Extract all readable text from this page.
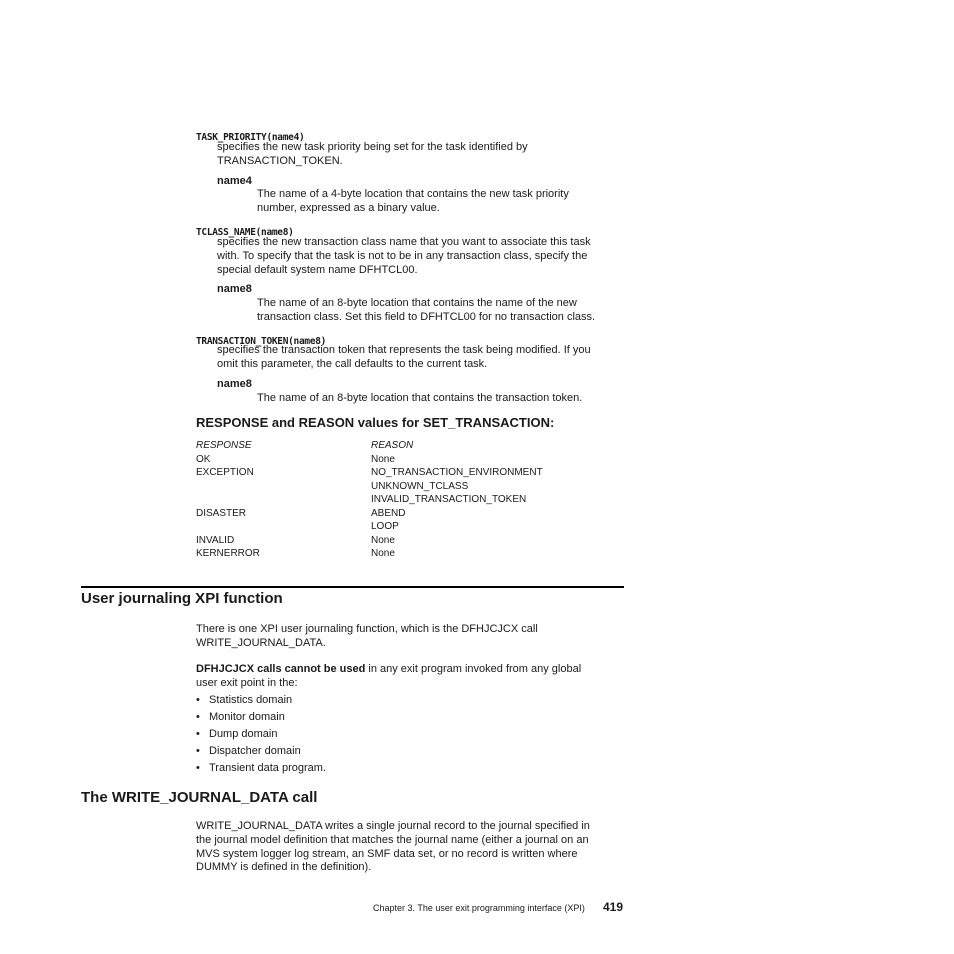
TASK_PRIORITY(name4)
specifies the new task priority being set for the task identified by
TRANSACTION_TOKEN.
name4
The name of a 4-byte location that contains the new task priority
number, expressed as a binary value.
TCLASS_NAME(name8)
specifies the new transaction class name that you want to associate this task
with. To specify that the task is not to be in any transaction class, specify the
special default system name DFHTCL00.
name8
The name of an 8-byte location that contains the name of the new
transaction class. Set this field to DFHTCL00 for no transaction class.
TRANSACTION_TOKEN(name8)
specifies the transaction token that represents the task being modified. If you
omit this parameter, the call defaults to the current task.
name8
The name of an 8-byte location that contains the transaction token.
RESPONSE and REASON values for SET_TRANSACTION:
RESPONSE	REASON
OK	None
EXCEPTION	NO_TRANSACTION_ENVIRONMENT
UNKNOWN_TCLASS
INVALID_TRANSACTION_TOKEN
DISASTER	ABEND
LOOP
INVALID	None
KERNERROR	None
User journaling XPI function
There is one XPI user journaling function, which is the DFHJCJCX call
WRITE_JOURNAL_DATA.
DFHJCJCX calls cannot be used in any exit program invoked from any global
user exit point in the:
• Statistics domain
• Monitor domain
• Dump domain
• Dispatcher domain
• Transient data program.
The WRITE_JOURNAL_DATA call
WRITE_JOURNAL_DATA writes a single journal record to the journal specified in
the journal model definition that matches the journal name (either a journal on an
MVS system logger log stream, an SMF data set, or no record is written where
DUMMY is defined in the definition).
Chapter 3. The user exit programming interface (XPI) 419
